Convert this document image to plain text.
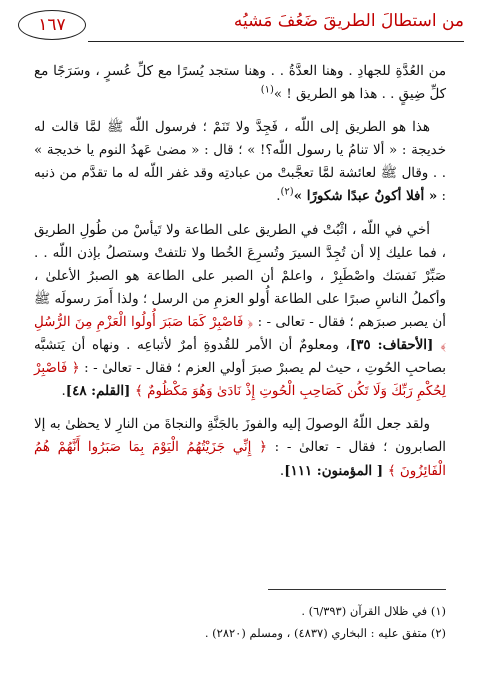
١٦٧	من استطالَ الطريقَ ضَعُفَ مَشيُه

من العُدَّةِ للجهادِ . وهنا العدَّةُ . . وهنا ستجد يُسرًا مع كلِّ عُسرٍ ، وسَرَجًا مع كلِّ ضِيقٍ . . هذا هو الطريق ! »$^{(١)}$

هذا هو الطريق إلى اللّه ، فَجِدَّ ولا تَنَمْ ؛ فرسول اللّه ﷺ لمَّا قالت له خديجة : « ألا تنامُ يا رسول اللّه؟! » ؛ قال : « مضىٰ عَهدُ النوم يا خديجة » . . وقال ﷺ لعائشة لمَّا تعجَّبتْ من عبادتِه وقد غفر اللّه له ما تقدَّم من ذنبه : « أفلا أكونُ عبدًا شكورًا »$^{(٢)}$.

أخي في اللّه ، اثْبُتْ في الطريق على الطاعة ولا تَيأسْ من طُولِ الطريق ، فما عليك إلا أن تُجِدَّ السيرَ وتُسرِعَ الخُطا ولا تلتفتْ وستصلُ بإذن اللّه . . صَبِّرْ نَفسَك واصْطَبِرْ ، واعلمْ أن الصبر على الطاعة هو الصبرُ الأعلىٰ ، وأكملُ الناسِ صبرًا على الطاعة أُولو العزمِ من الرسل ؛ ولذا أَمرَ رسولَه ﷺ أن يصبر صبرَهم ؛ فقال - تعالى - : ﴿ فَاصْبِرْ كَمَا صَبَرَ أُولُوا الْعَزْمِ مِنَ الرُّسُلِ ﴾ [الأحقاف: ٣٥]، ومعلومٌ أن الأمر للقُدوةِ أمرٌ لأتباعِه . ونهاه أن يَتشبَّه بصاحبِ الحُوتِ ، حيث لم يصبرْ صبرَ أولي العزم ؛ فقال - تعالىٰ - : ﴿ فَاصْبِرْ لِحُكْمِ رَبِّكَ وَلَا تَكُن كَصَاحِبِ الْحُوتِ إِذْ نَادَىٰ وَهُوَ مَكْظُومٌ ﴾ [القلم: ٤٨].

ولقد جعل اللّهُ الوصولَ إليه والفوزَ بالجَنَّةِ والنجاةَ من النارِ لا يحظىٰ به إلا الصابرون ؛ فقال - تعالىٰ - : ﴿ إِنِّي جَزَيْتُهُمُ الْيَوْمَ بِمَا صَبَرُوا أَنَّهُمْ هُمُ الْفَائِزُونَ ﴾ [ المؤمنون: ١١١].

(١) في ظلال القرآن (٦/٣٩٣) .

(٢) متفق عليه : البخاري (٤٨٣٧) ، ومسلم (٢٨٢٠) .
